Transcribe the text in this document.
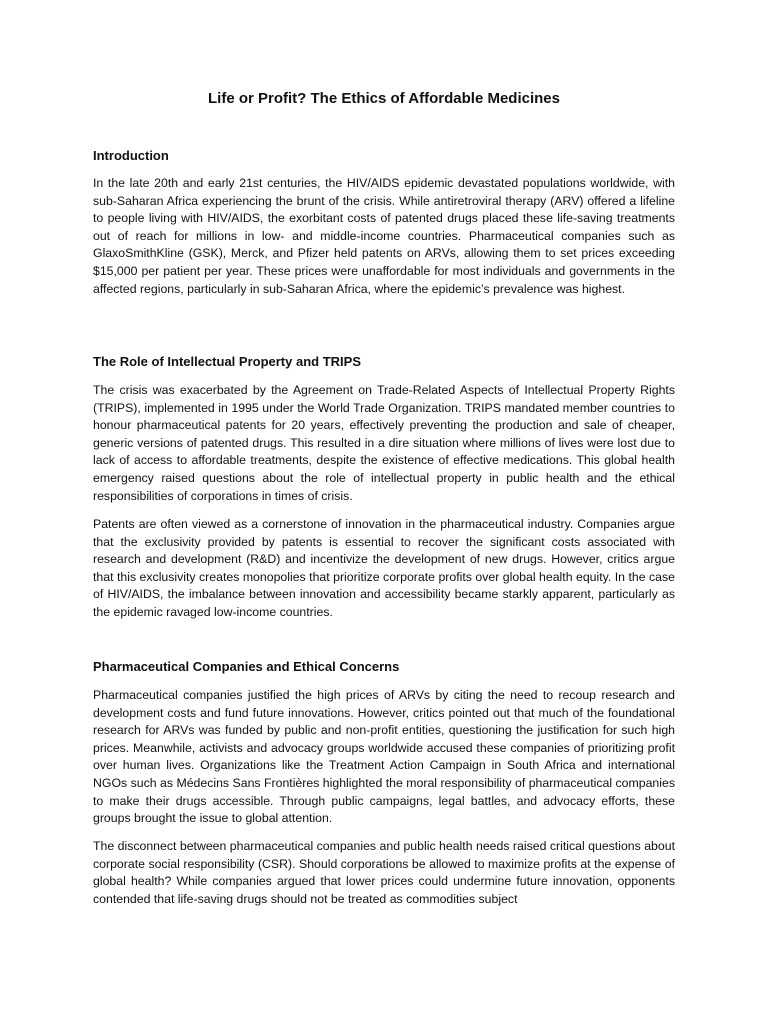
Life or Profit? The Ethics of Affordable Medicines
Introduction

In the late 20th and early 21st centuries, the HIV/AIDS epidemic devastated populations worldwide, with sub-Saharan Africa experiencing the brunt of the crisis. While antiretroviral therapy (ARV) offered a lifeline to people living with HIV/AIDS, the exorbitant costs of patented drugs placed these life-saving treatments out of reach for millions in low- and middle-income countries. Pharmaceutical companies such as GlaxoSmithKline (GSK), Merck, and Pfizer held patents on ARVs, allowing them to set prices exceeding $15,000 per patient per year. These prices were unaffordable for most individuals and governments in the affected regions, particularly in sub-Saharan Africa, where the epidemic’s prevalence was highest.

The Role of Intellectual Property and TRIPS

The crisis was exacerbated by the Agreement on Trade-Related Aspects of Intellectual Property Rights (TRIPS), implemented in 1995 under the World Trade Organization. TRIPS mandated member countries to honour pharmaceutical patents for 20 years, effectively preventing the production and sale of cheaper, generic versions of patented drugs. This resulted in a dire situation where millions of lives were lost due to lack of access to affordable treatments, despite the existence of effective medications. This global health emergency raised questions about the role of intellectual property in public health and the ethical responsibilities of corporations in times of crisis.

Patents are often viewed as a cornerstone of innovation in the pharmaceutical industry. Companies argue that the exclusivity provided by patents is essential to recover the significant costs associated with research and development (R&D) and incentivize the development of new drugs. However, critics argue that this exclusivity creates monopolies that prioritize corporate profits over global health equity. In the case of HIV/AIDS, the imbalance between innovation and accessibility became starkly apparent, particularly as the epidemic ravaged low-income countries.

Pharmaceutical Companies and Ethical Concerns

Pharmaceutical companies justified the high prices of ARVs by citing the need to recoup research and development costs and fund future innovations. However, critics pointed out that much of the foundational research for ARVs was funded by public and non-profit entities, questioning the justification for such high prices. Meanwhile, activists and advocacy groups worldwide accused these companies of prioritizing profit over human lives. Organizations like the Treatment Action Campaign in South Africa and international NGOs such as Médecins Sans Frontières highlighted the moral responsibility of pharmaceutical companies to make their drugs accessible. Through public campaigns, legal battles, and advocacy efforts, these groups brought the issue to global attention.

The disconnect between pharmaceutical companies and public health needs raised critical questions about corporate social responsibility (CSR). Should corporations be allowed to maximize profits at the expense of global health? While companies argued that lower prices could undermine future innovation, opponents contended that life-saving drugs should not be treated as commodities subject
